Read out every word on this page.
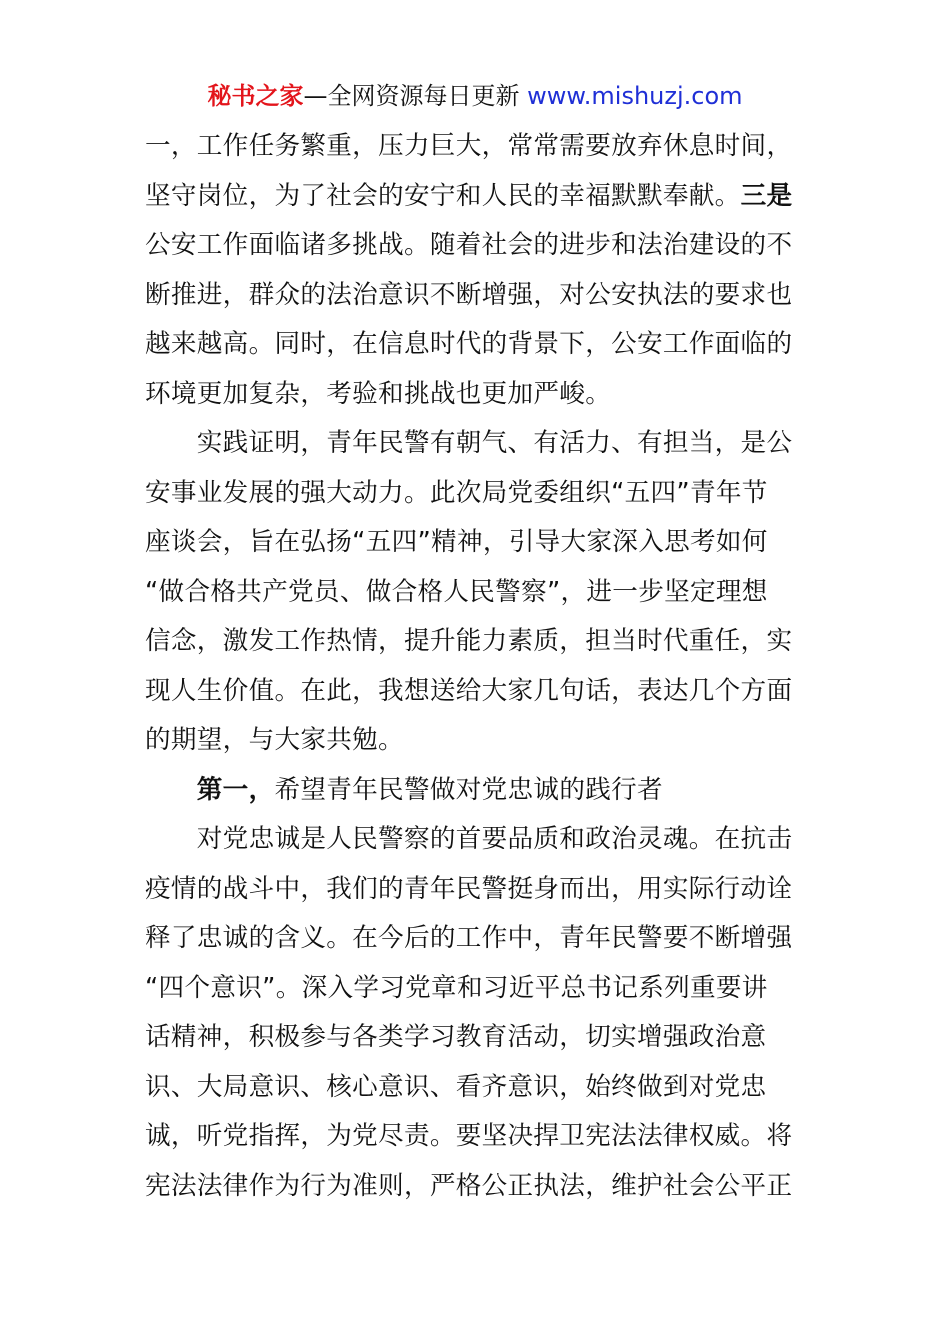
秘书之家—全网资源每日更新 www.mishuzj.com

一，工作任务繁重，压力巨大，常常需要放弃休息时间，

坚守岗位，为了社会的安宁和人民的幸福默默奉献。三是

公安工作面临诸多挑战。随着社会的进步和法治建设的不

断推进，群众的法治意识不断增强，对公安执法的要求也

越来越高。同时，在信息时代的背景下，公安工作面临的

环境更加复杂，考验和挑战也更加严峻。

　　实践证明，青年民警有朝气、有活力、有担当，是公

安事业发展的强大动力。此次局党委组织“五四”青年节

座谈会，旨在弘扬“五四”精神，引导大家深入思考如何

“做合格共产党员、做合格人民警察”，进一步坚定理想

信念，激发工作热情，提升能力素质，担当时代重任，实

现人生价值。在此，我想送给大家几句话，表达几个方面

的期望，与大家共勉。

　　第一，希望青年民警做对党忠诚的践行者

　　对党忠诚是人民警察的首要品质和政治灵魂。在抗击

疫情的战斗中，我们的青年民警挺身而出，用实际行动诠

释了忠诚的含义。在今后的工作中，青年民警要不断增强

“四个意识”。深入学习党章和习近平总书记系列重要讲

话精神，积极参与各类学习教育活动，切实增强政治意

识、大局意识、核心意识、看齐意识，始终做到对党忠

诚，听党指挥，为党尽责。要坚决捍卫宪法法律权威。将

宪法法律作为行为准则，严格公正执法，维护社会公平正
